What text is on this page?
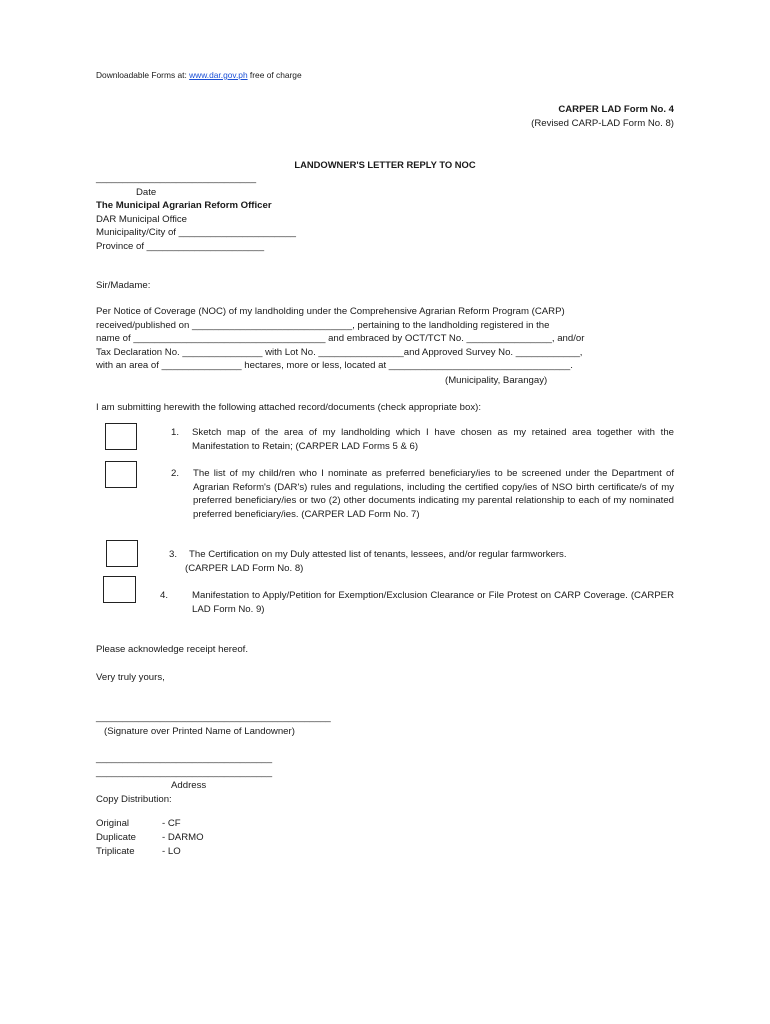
Downloadable Forms at: www.dar.gov.ph free of charge
CARPER LAD Form No. 4
(Revised CARP-LAD Form No. 8)
LANDOWNER'S LETTER REPLY TO NOC
______________________________
Date
The Municipal Agrarian Reform Officer
DAR Municipal Office
Municipality/City of ______________________
Province of ______________________
Sir/Madame:
Per Notice of Coverage (NOC) of my landholding under the Comprehensive Agrarian Reform Program (CARP)
received/published on ______________________________, pertaining to the landholding registered in the
name of ____________________________________ and embraced by OCT/TCT No. ________________, and/or
Tax Declaration No. _______________ with Lot No. ________________and Approved Survey No. ____________,
with an area of _______________ hectares, more or less, located at __________________________________.
(Municipality, Barangay)
I am submitting herewith the following attached record/documents (check appropriate box):
1. Sketch map of the area of my landholding which I have chosen as my retained area together with the Manifestation to Retain; (CARPER LAD Forms 5 & 6)
2. The list of my child/ren who I nominate as preferred beneficiary/ies to be screened under the Department of Agrarian Reform's (DAR's) rules and regulations, including the certified copy/ies of NSO birth certificate/s of my preferred beneficiary/ies or two (2) other documents indicating my parental relationship to each of my nominated preferred beneficiary/ies. (CARPER LAD Form No. 7)
3. The Certification on my Duly attested list of tenants, lessees, and/or regular farmworkers.
(CARPER LAD Form No. 8)
4. Manifestation to Apply/Petition for Exemption/Exclusion Clearance or File Protest on CARP Coverage. (CARPER LAD Form No. 9)
Please acknowledge receipt hereof.
Very truly yours,
____________________________________________
(Signature over Printed Name of Landowner)
_________________________________
_________________________________
Address
Copy Distribution:
Original	- CF
Duplicate	- DARMO
Triplicate	- LO
